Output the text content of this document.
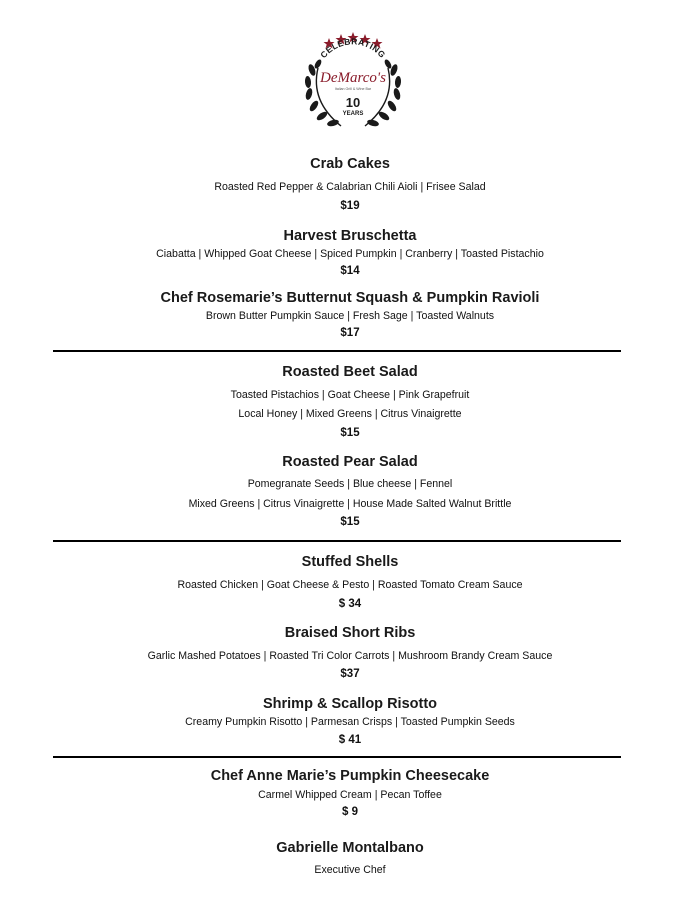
CELEBRATING
DeMarco's
Italian Grill & Wine Bar
10
YEARS
Crab Cakes
Roasted Red Pepper & Calabrian Chili Aioli | Frisee Salad
$19
Harvest Bruschetta
Ciabatta | Whipped Goat Cheese | Spiced Pumpkin | Cranberry | Toasted Pistachio
$14
Chef Rosemarie’s Butternut Squash & Pumpkin Ravioli
Brown Butter Pumpkin Sauce | Fresh Sage | Toasted Walnuts
$17
Roasted Beet Salad
Toasted Pistachios | Goat Cheese | Pink Grapefruit
Local Honey | Mixed Greens | Citrus Vinaigrette
$15
Roasted Pear Salad
Pomegranate Seeds | Blue cheese | Fennel
Mixed Greens | Citrus Vinaigrette | House Made Salted Walnut Brittle
$15
Stuffed Shells
Roasted Chicken | Goat Cheese & Pesto | Roasted Tomato Cream Sauce
$ 34
Braised Short Ribs
Garlic Mashed Potatoes | Roasted Tri Color Carrots | Mushroom Brandy Cream Sauce
$37
Shrimp & Scallop Risotto
Creamy Pumpkin Risotto | Parmesan Crisps | Toasted Pumpkin Seeds
$ 41
Chef Anne Marie’s Pumpkin Cheesecake
Carmel Whipped Cream | Pecan Toffee
$ 9
Gabrielle Montalbano
Executive Chef
